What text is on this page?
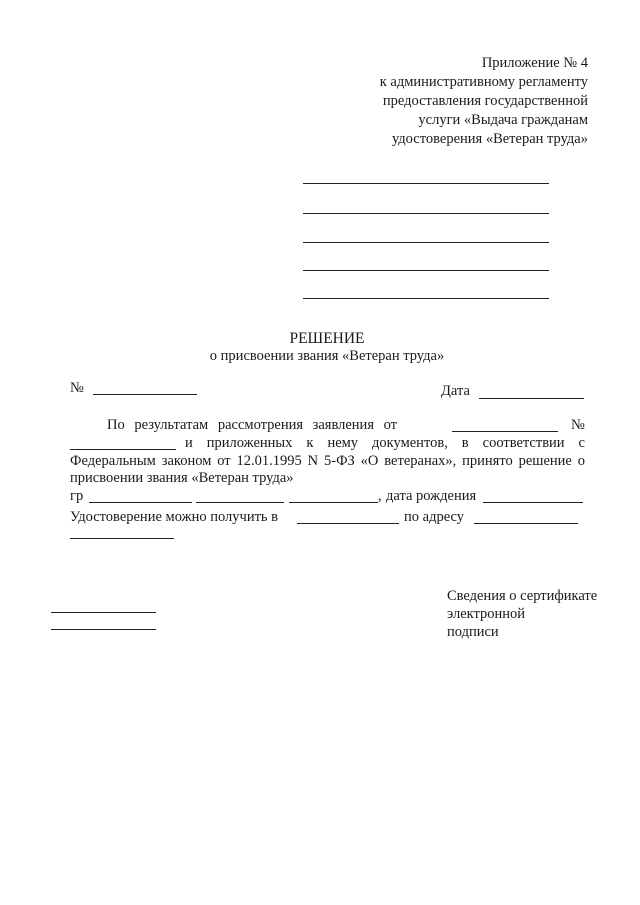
Приложение № 4
к административному регламенту
предоставления государственной
услуги «Выдача гражданам
удостоверения «Ветеран труда»
РЕШЕНИЕ
о присвоении звания «Ветеран труда»
№	Дата
По результатам рассмотрения заявления от	№
и приложенных к нему документов, в соответствии с
Федеральным законом от 12.01.1995 N 5-ФЗ «О ветеранах», принято решение о
присвоении звания «Ветеран труда»
гр	, дата рождения
Удостоверение можно получить в	по адресу
Сведения о сертификате
электронной
подписи
